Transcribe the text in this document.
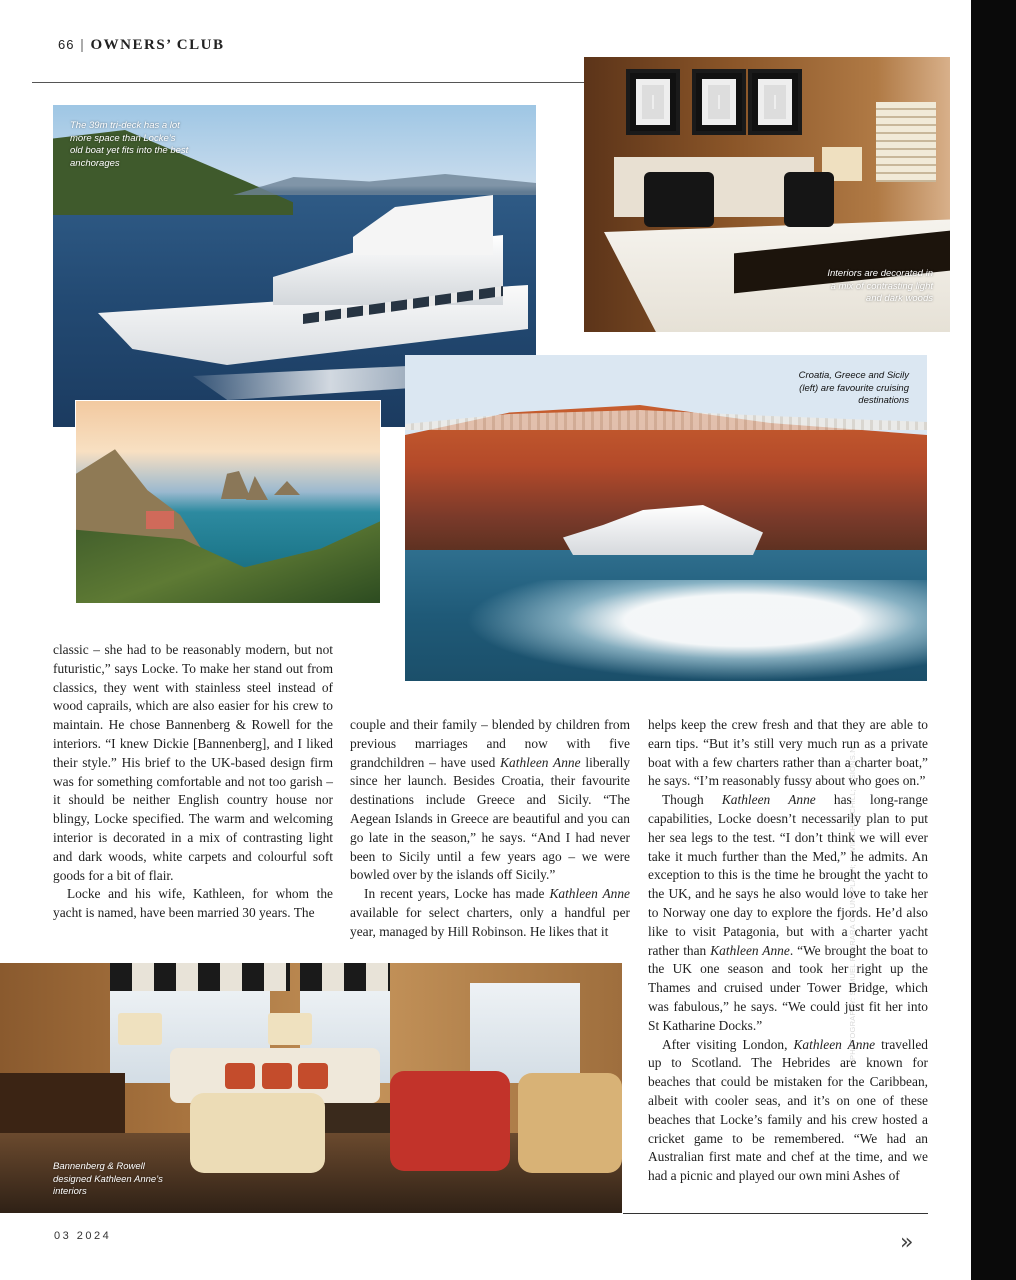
PHOTOGRAPHY: SAMUEL FERRARA ON UNSPLASH; DAVID CHURCHILL; VISIONS.NL
66 | OWNERS’ CLUB
The 39m tri-deck has a lot more space than Locke’s old boat yet fits into the best anchorages
Interiors are decorated in a mix of contrasting light and dark woods
Croatia, Greece and Sicily (left) are favourite cruising destinations
Bannenberg & Rowell designed Kathleen Anne’s interiors

classic – she had to be reasonably modern, but not futuristic,” says Locke. To make her stand out from classics, they went with stainless steel instead of wood caprails, which are also easier for his crew to maintain. He chose Bannenberg & Rowell for the interiors. “I knew Dickie [Bannenberg], and I liked their style.” His brief to the UK-based design firm was for something comfortable and not too garish – it should be neither English country house nor blingy, Locke specified. The warm and welcoming interior is decorated in a mix of contrasting light and dark woods, white carpets and colourful soft goods for a bit of flair.

Locke and his wife, Kathleen, for whom the yacht is named, have been married 30 years. The

couple and their family – blended by children from previous marriages and now with five grandchildren – have used Kathleen Anne liberally since her launch. Besides Croatia, their favourite destinations include Greece and Sicily. “The Aegean Islands in Greece are beautiful and you can go late in the season,” he says. “And I had never been to Sicily until a few years ago – we were bowled over by the islands off Sicily.”

In recent years, Locke has made Kathleen Anne available for select charters, only a handful per year, managed by Hill Robinson. He likes that it

helps keep the crew fresh and that they are able to earn tips. “But it’s still very much run as a private boat with a few charters rather than a charter boat,” he says. “I’m reasonably fussy about who goes on.”

Though Kathleen Anne has long-range capabilities, Locke doesn’t necessarily plan to put her sea legs to the test. “I don’t think we will ever take it much further than the Med,” he admits. An exception to this is the time he brought the yacht to the UK, and he says he also would love to take her to Norway one day to explore the fjords. He’d also like to visit Patagonia, but with a charter yacht rather than Kathleen Anne. “We brought the boat to the UK one season and took her right up the Thames and cruised under Tower Bridge, which was fabulous,” he says. “We could just fit her into St Katharine Docks.”

After visiting London, Kathleen Anne travelled up to Scotland. The Hebrides are known for beaches that could be mistaken for the Caribbean, albeit with cooler seas, and it’s on one of these beaches that Locke’s family and his crew hosted a cricket game to be remembered. “We had an Australian first mate and chef at the time, and we had a picnic and played our own mini Ashes of

03 2024	»
